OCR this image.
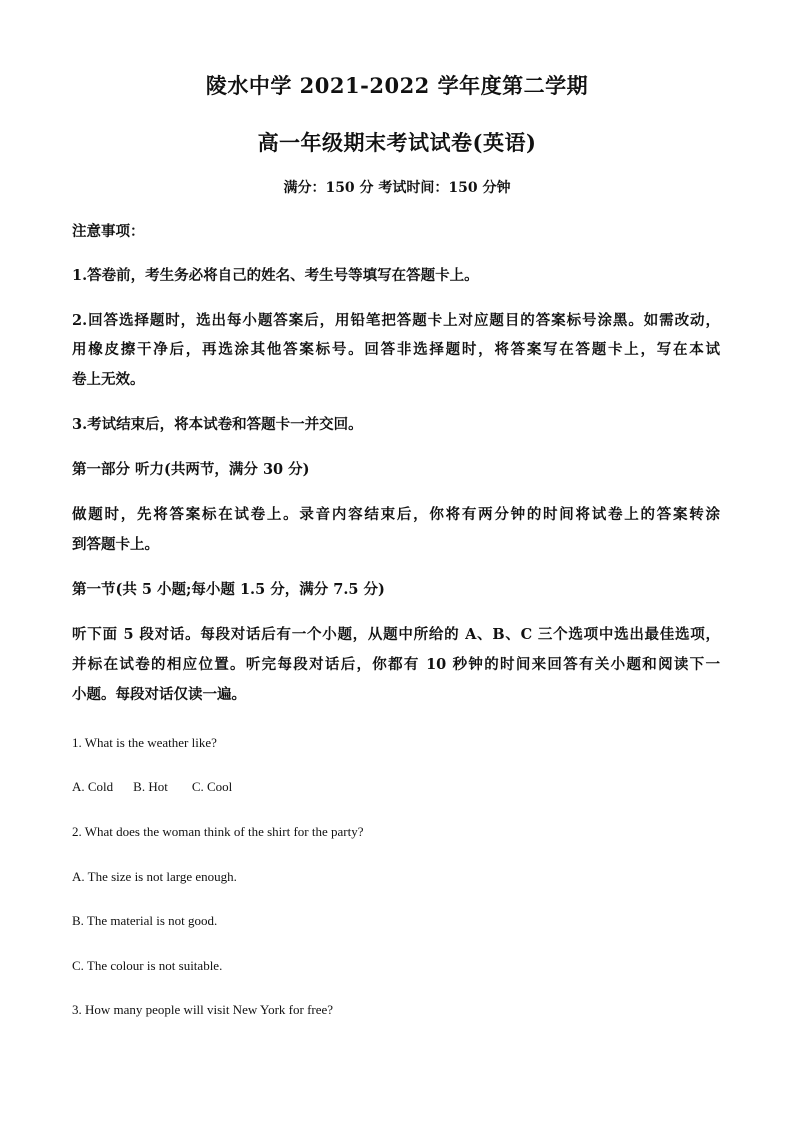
陵水中学 2021-2022 学年度第二学期
高一年级期末考试试卷(英语)
满分：150 分 考试时间：150 分钟
注意事项：
1.答卷前，考生务必将自己的姓名、考生号等填写在答题卡上。
2.回答选择题时，选出每小题答案后，用铅笔把答题卡上对应题目的答案标号涂黑。如需改动，
用橡皮擦干净后，再选涂其他答案标号。回答非选择题时，将答案写在答题卡上，写在本试
卷上无效。
3.考试结束后，将本试卷和答题卡一并交回。
第一部分 听力(共两节，满分 30 分)
做题时，先将答案标在试卷上。录音内容结束后，你将有两分钟的时间将试卷上的答案转涂
到答题卡上。
第一节(共 5 小题;每小题 1.5 分，满分 7.5 分)
听下面 5 段对话。每段对话后有一个小题，从题中所给的 A、B、C 三个选项中选出最佳选项，
并标在试卷的相应位置。听完每段对话后，你都有 10 秒钟的时间来回答有关小题和阅读下一
小题。每段对话仅读一遍。
1. What is the weather like?
A. Cold B. Hot C. Cool
2. What does the woman think of the shirt for the party?
A. The size is not large enough.
B. The material is not good.
C. The colour is not suitable.
3. How many people will visit New York for free?
